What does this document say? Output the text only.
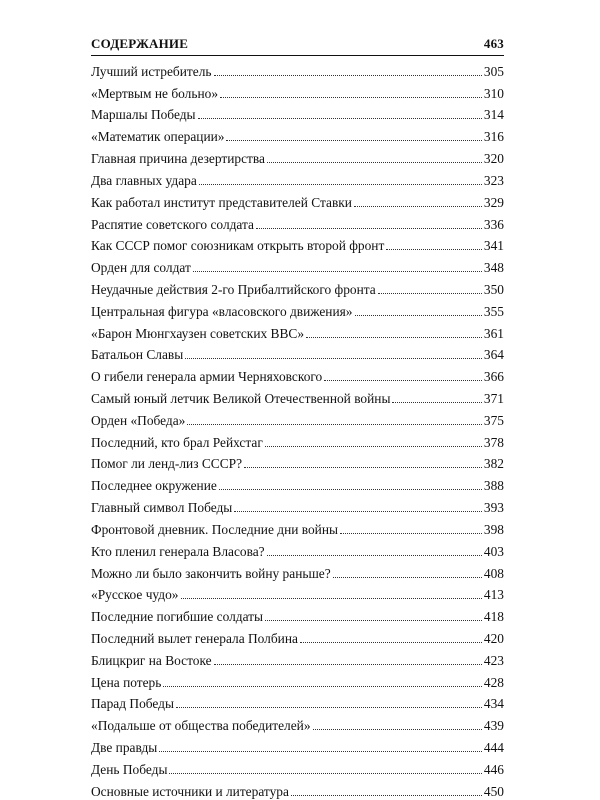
СОДЕРЖАНИЕ	463
Лучший истребитель	305
«Мертвым не больно»	310
Маршалы Победы	314
«Математик операции»	316
Главная причина дезертирства	320
Два главных удара	323
Как работал институт представителей Ставки	329
Распятие советского солдата	336
Как СССР помог союзникам открыть второй фронт	341
Орден для солдат	348
Неудачные действия 2-го Прибалтийского фронта	350
Центральная фигура «власовского движения»	355
«Барон Мюнгхаузен советских ВВС»	361
Батальон Славы	364
О гибели генерала армии Черняховского	366
Самый юный летчик Великой Отечественной войны	371
Орден «Победа»	375
Последний, кто брал Рейхстаг	378
Помог ли ленд-лиз СССР?	382
Последнее окружение	388
Главный символ Победы	393
Фронтовой дневник. Последние дни войны	398
Кто пленил генерала Власова?	403
Можно ли было закончить войну раньше?	408
«Русское чудо»	413
Последние погибшие солдаты	418
Последний вылет генерала Полбина	420
Блицкриг на Востоке	423
Цена потерь	428
Парад Победы	434
«Подальше от общества победителей»	439
Две правды	444
День Победы	446
Основные источники и литература	450
